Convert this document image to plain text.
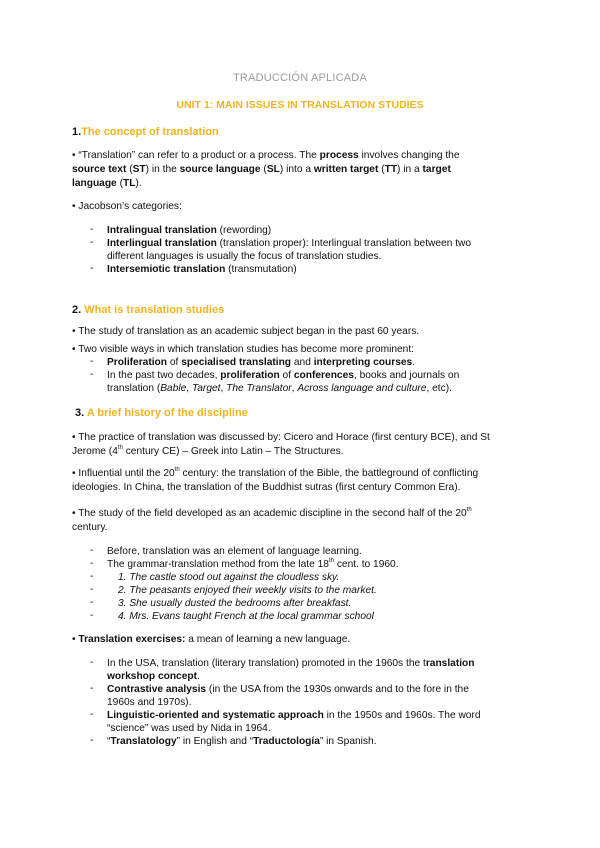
TRADUCCIÓN APLICADA
UNIT 1: MAIN ISSUES IN TRANSLATION STUDIES
1.The concept of translation
• “Translation” can refer to a product or a process. The process involves changing the
source text (ST) in the source language (SL) into a written target (TT) in a target
language (TL).
• Jacobson’s categories:
- Intralingual translation (rewording)
- Interlingual translation (translation proper): Interlingual translation between two
different languages is usually the focus of translation studies.
- Intersemiotic translation (transmutation)
2. What is translation studies
• The study of translation as an academic subject began in the past 60 years.
• Two visible ways in which translation studies has become more prominent:
- Proliferation of specialised translating and interpreting courses.
- In the past two decades, proliferation of conferences, books and journals on
translation (Bable, Target, The Translator, Across language and culture, etc).
3. A brief history of the discipline
• The practice of translation was discussed by: Cicero and Horace (first century BCE), and St
Jerome (4th century CE) – Greek into Latin – The Structures.
• Influential until the 20th century: the translation of the Bible, the battleground of conflicting
ideologies. In China, the translation of the Buddhist sutras (first century Common Era).
• The study of the field developed as an academic discipline in the second half of the 20th
century.
- Before, translation was an element of language learning.
- The grammar-translation method from the late 18th cent. to 1960.
- 1. The castle stood out against the cloudless sky.
- 2. The peasants enjoyed their weekly visits to the market.
- 3. She usually dusted the bedrooms after breakfast.
- 4. Mrs. Evans taught French at the local grammar school
• Translation exercises: a mean of learning a new language.
- In the USA, translation (literary translation) promoted in the 1960s the translation
workshop concept.
- Contrastive analysis (in the USA from the 1930s onwards and to the fore in the
1960s and 1970s).
- Linguistic-oriented and systematic approach in the 1950s and 1960s. The word
“science” was used by Nida in 1964.
- “Translatology” in English and “Traductología” in Spanish.
